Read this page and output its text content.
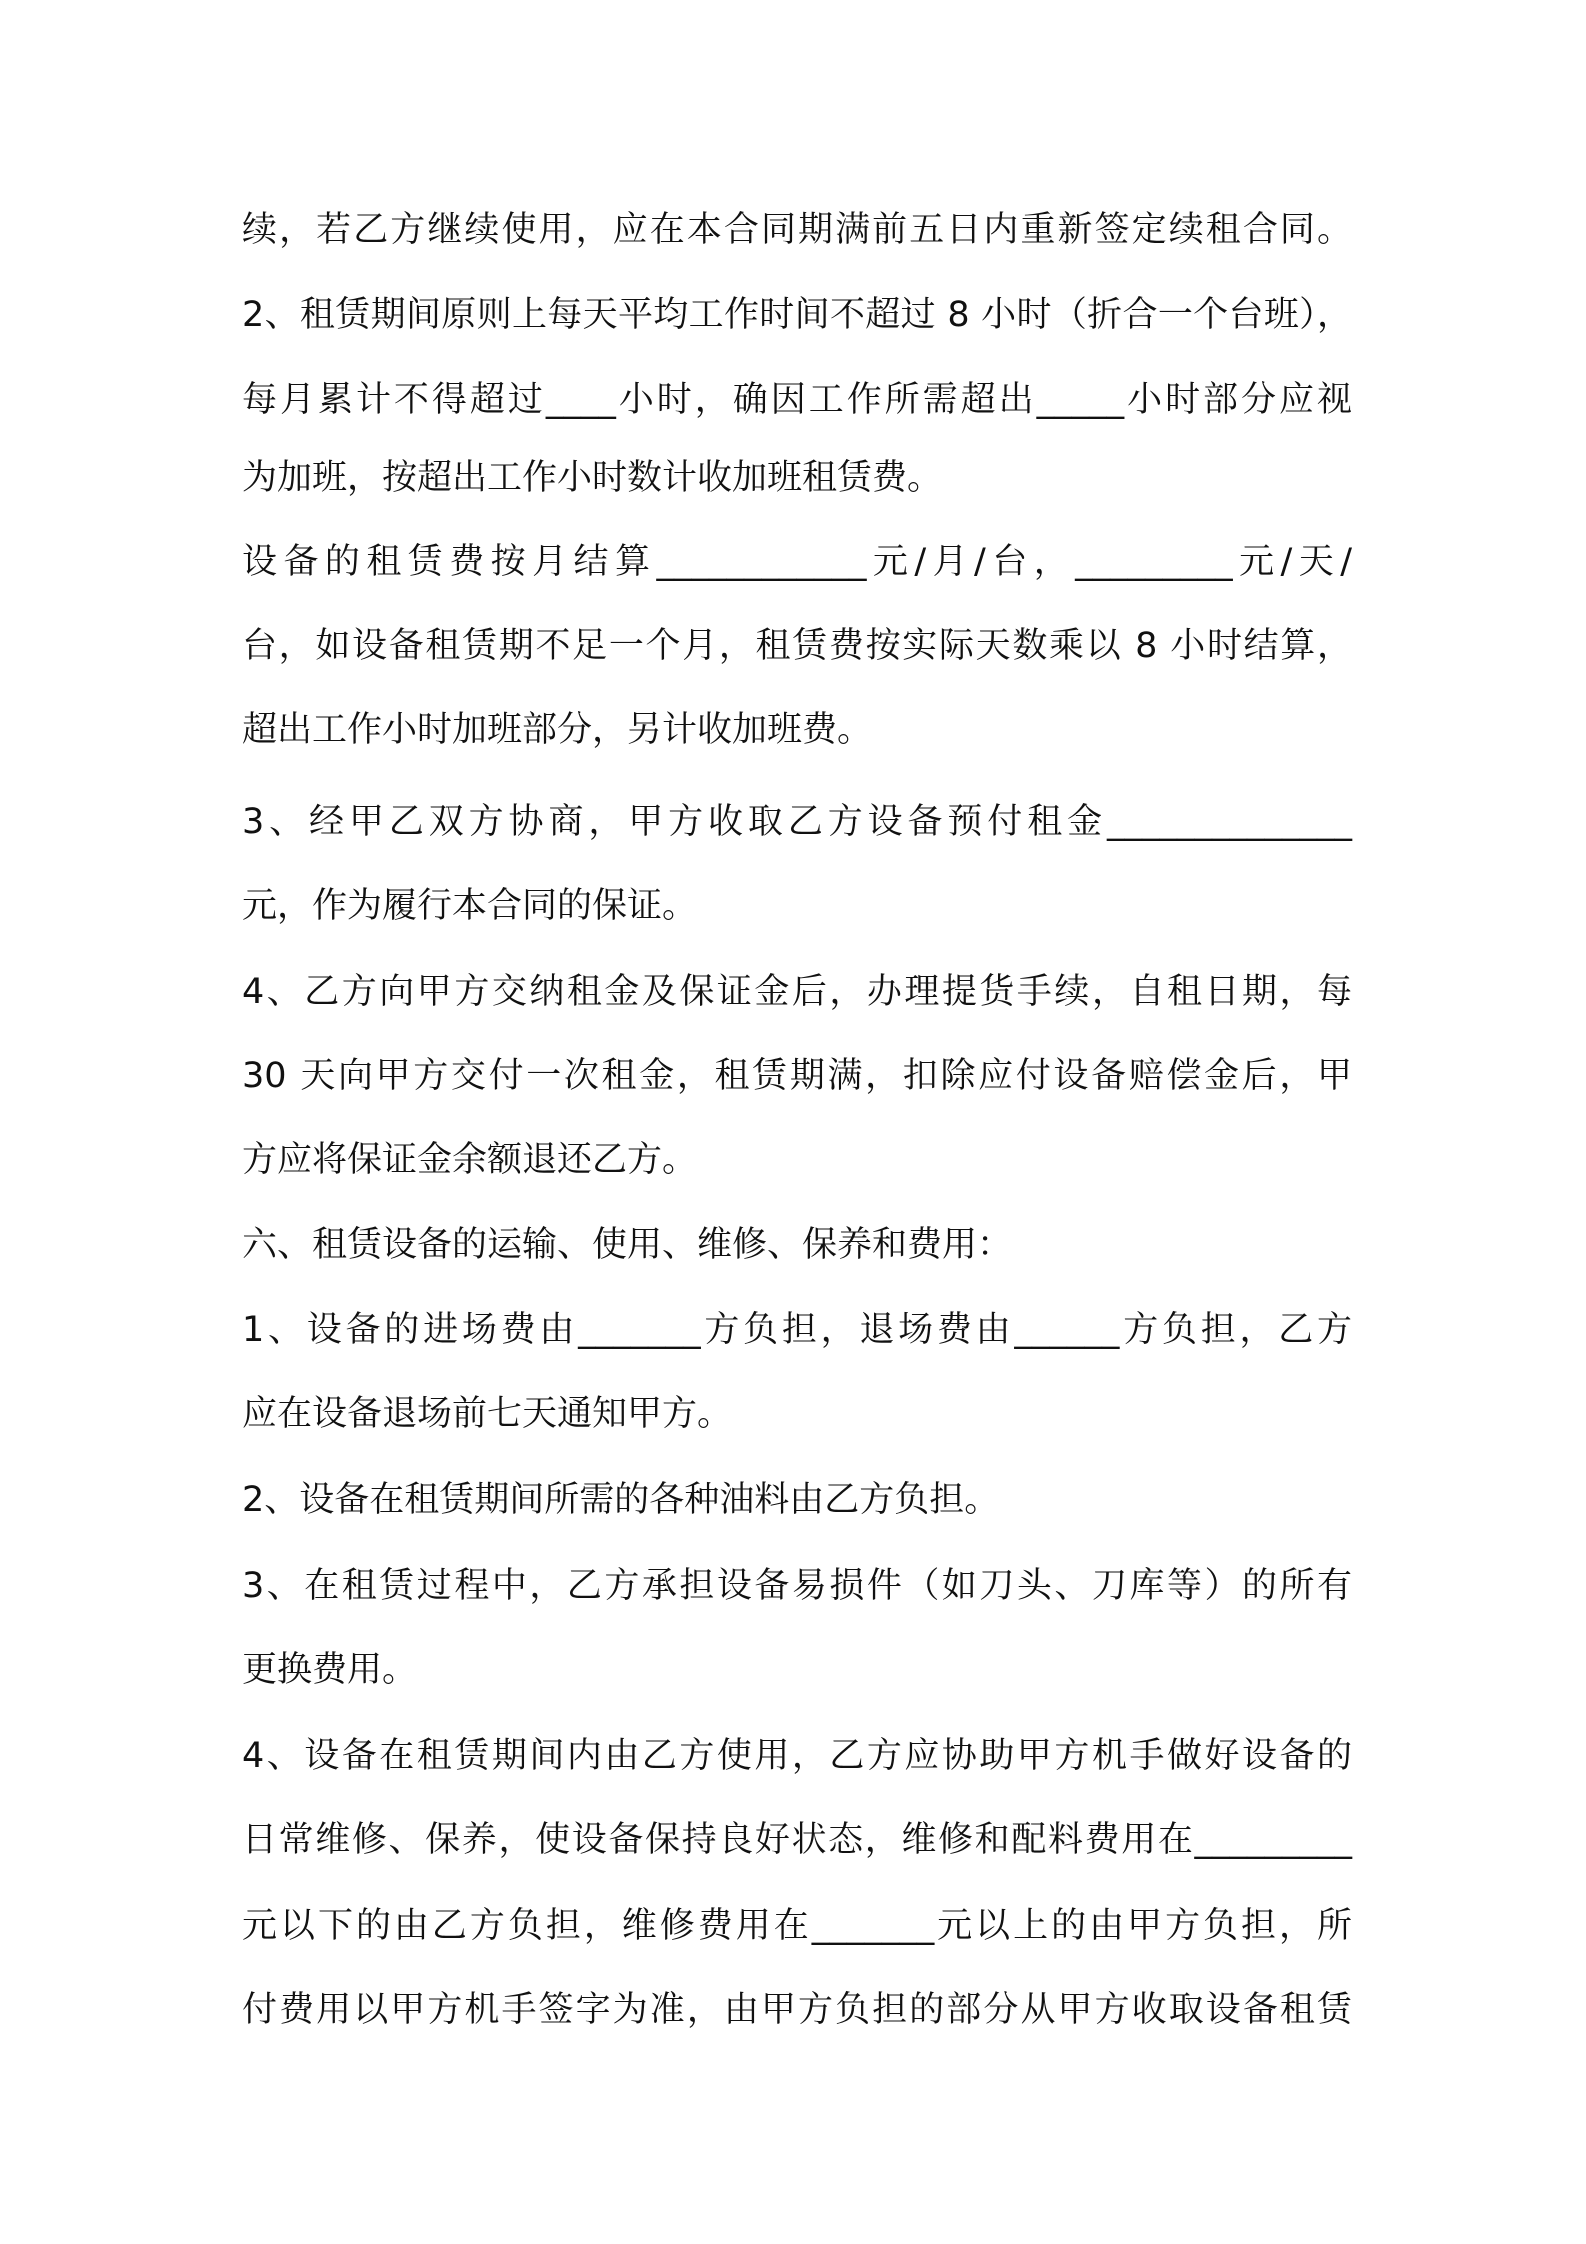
续，若乙方继续使用，应在本合同期满前五日内重新签定续租合同。
2、租赁期间原则上每天平均工作时间不超过 8 小时（折合一个台班），
每月累计不得超过____小时，确因工作所需超出_____小时部分应视
为加班，按超出工作小时数计收加班租赁费。
设备的租赁费按月结算____________元/月/台，_________元/天/
台，如设备租赁期不足一个月，租赁费按实际天数乘以 8 小时结算，
超出工作小时加班部分，另计收加班费。
3、经甲乙双方协商，甲方收取乙方设备预付租金______________
元，作为履行本合同的保证。
4、乙方向甲方交纳租金及保证金后，办理提货手续，自租日期，每
30 天向甲方交付一次租金，租赁期满，扣除应付设备赔偿金后，甲
方应将保证金余额退还乙方。
六、租赁设备的运输、使用、维修、保养和费用：
1、设备的进场费由_______方负担，退场费由______方负担，乙方
应在设备退场前七天通知甲方。
2、设备在租赁期间所需的各种油料由乙方负担。
3、在租赁过程中，乙方承担设备易损件（如刀头、刀库等）的所有
更换费用。
4、设备在租赁期间内由乙方使用，乙方应协助甲方机手做好设备的
日常维修、保养，使设备保持良好状态，维修和配料费用在_________
元以下的由乙方负担，维修费用在_______元以上的由甲方负担，所
付费用以甲方机手签字为准，由甲方负担的部分从甲方收取设备租赁
